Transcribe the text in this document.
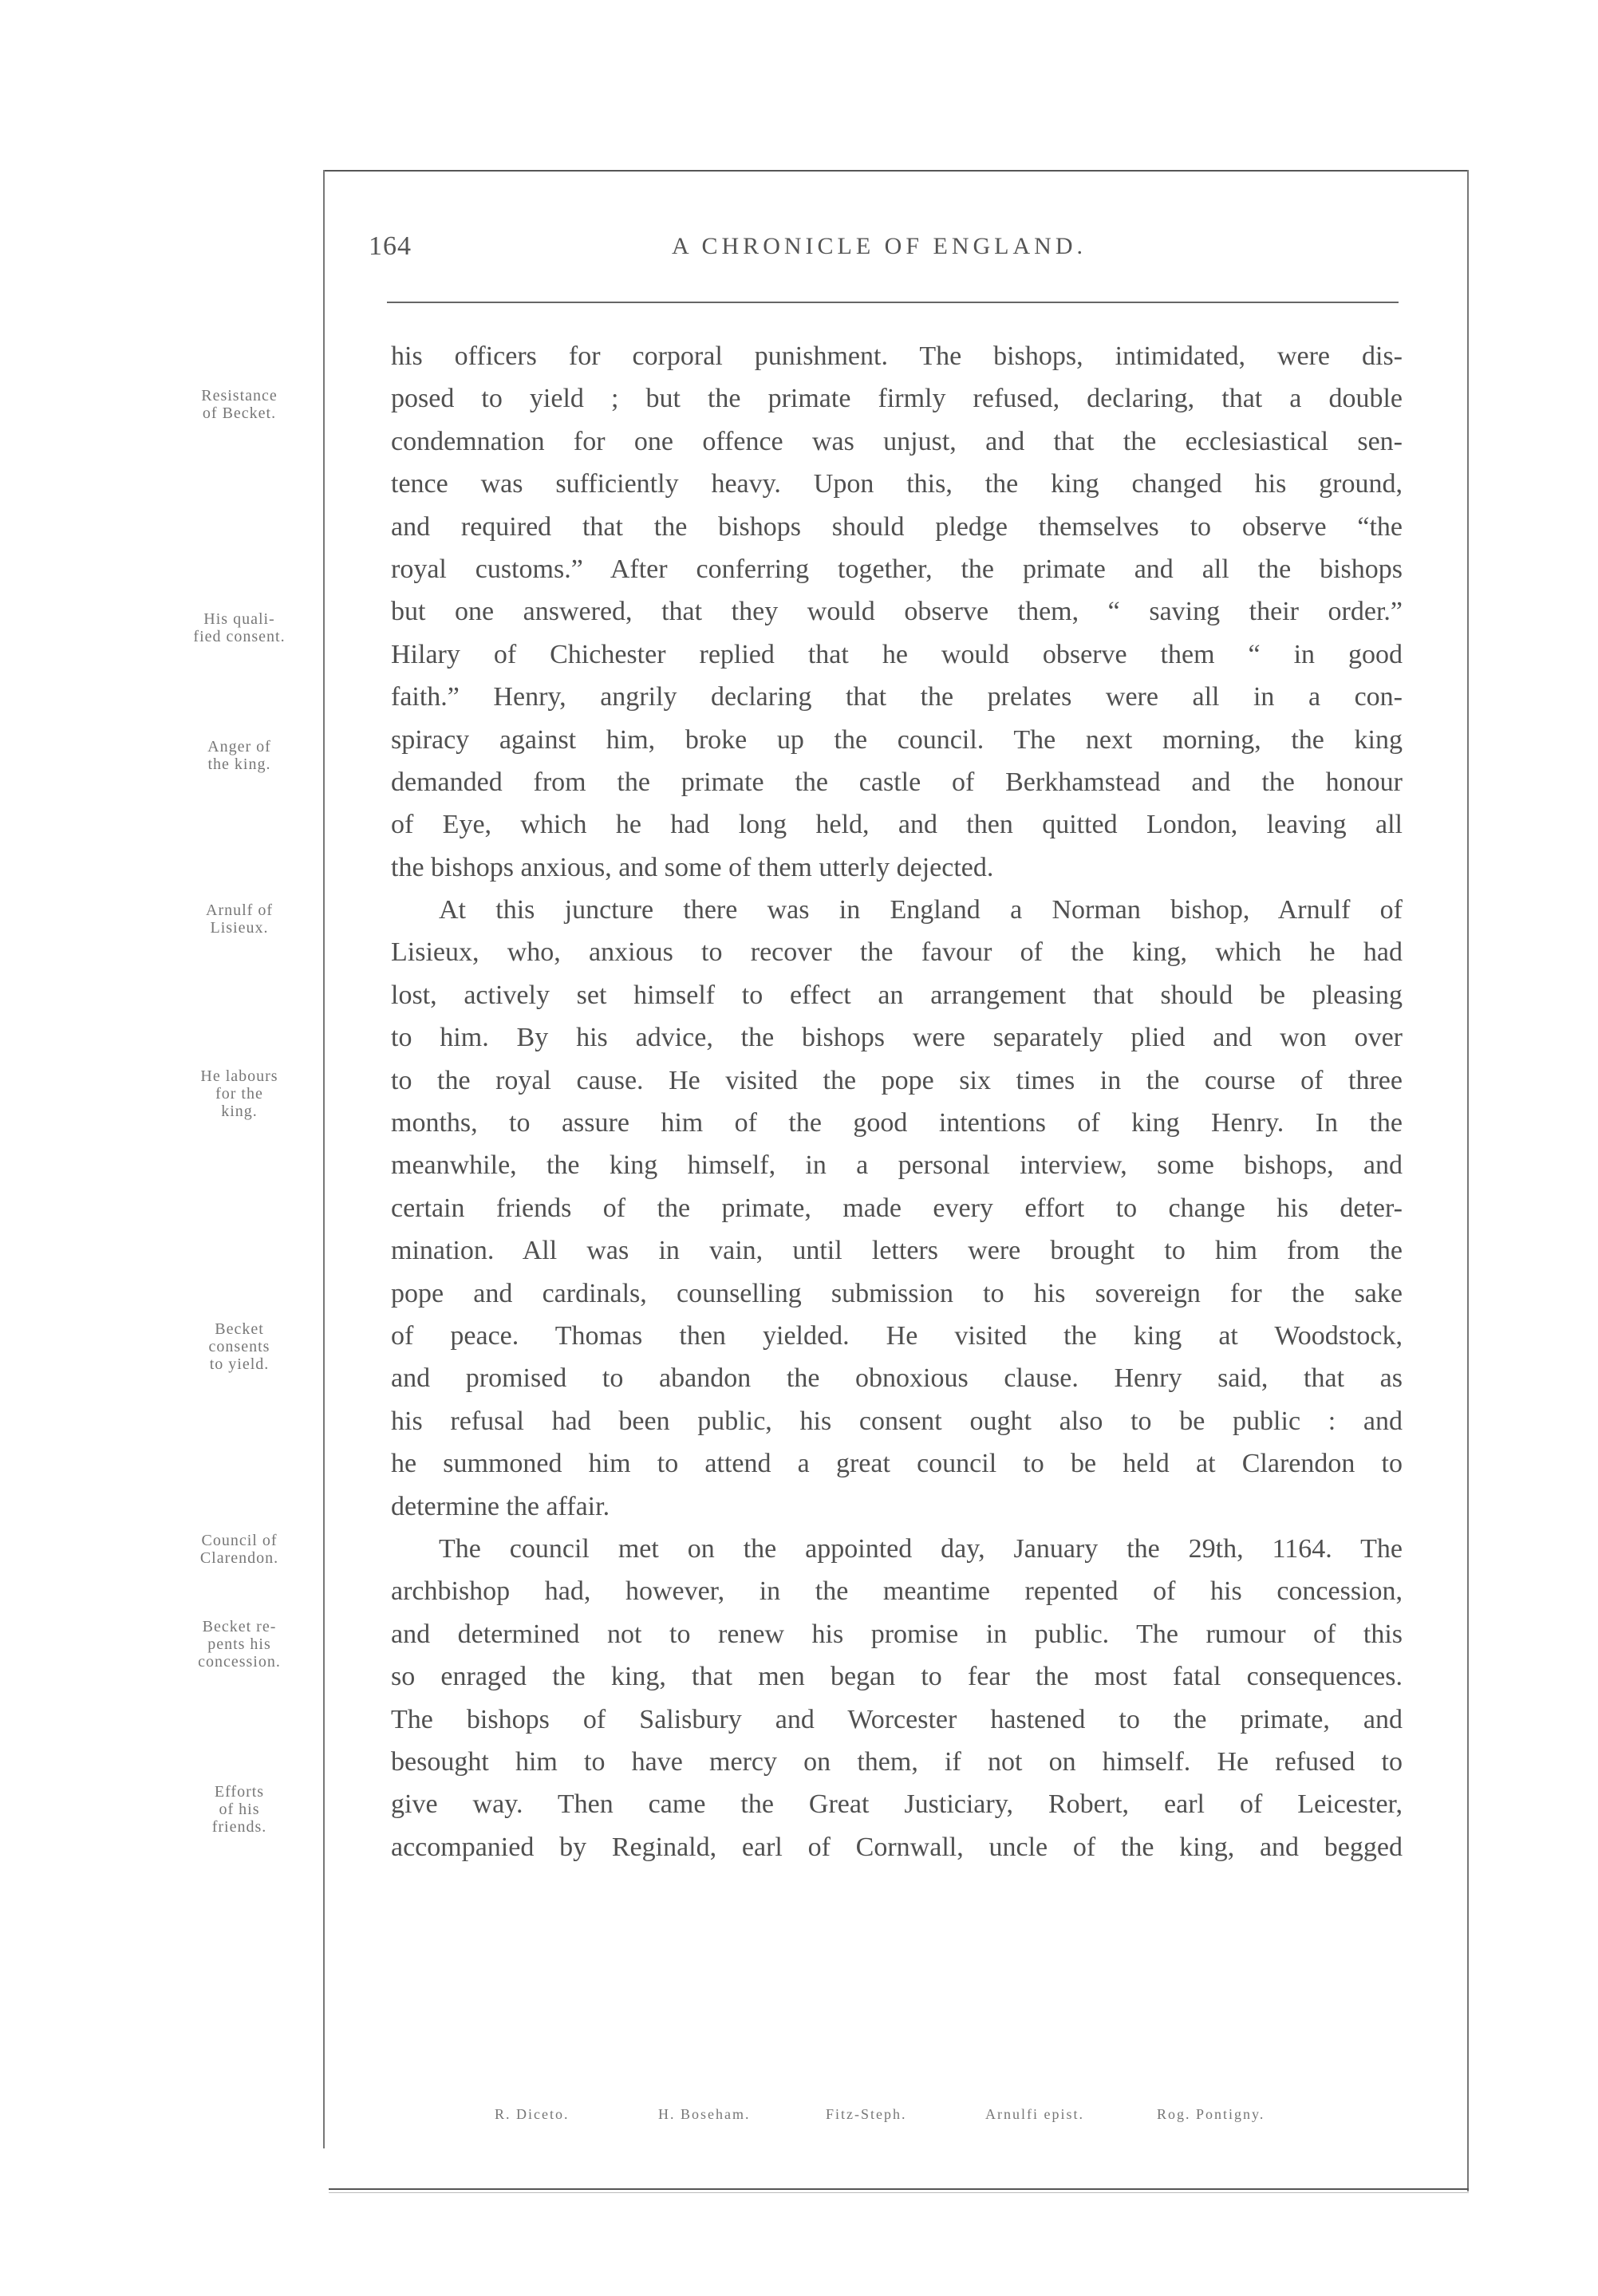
164	A CHRONICLE OF ENGLAND.
his officers for corporal punishment. The bishops, intimidated, were dis-
posed to yield ; but the primate firmly refused, declaring, that a double
condemnation for one offence was unjust, and that the ecclesiastical sen-
tence was sufficiently heavy. Upon this, the king changed his ground,
and required that the bishops should pledge themselves to observe “the
royal customs.” After conferring together, the primate and all the bishops
but one answered, that they would observe them, “ saving their order.”
Hilary of Chichester replied that he would observe them “ in good
faith.” Henry, angrily declaring that the prelates were all in a con-
spiracy against him, broke up the council. The next morning, the king
demanded from the primate the castle of Berkhamstead and the honour
of Eye, which he had long held, and then quitted London, leaving all
the bishops anxious, and some of them utterly dejected.
At this juncture there was in England a Norman bishop, Arnulf of
Lisieux, who, anxious to recover the favour of the king, which he had
lost, actively set himself to effect an arrangement that should be pleasing
to him. By his advice, the bishops were separately plied and won over
to the royal cause. He visited the pope six times in the course of three
months, to assure him of the good intentions of king Henry. In the
meanwhile, the king himself, in a personal interview, some bishops, and
certain friends of the primate, made every effort to change his deter-
mination. All was in vain, until letters were brought to him from the
pope and cardinals, counselling submission to his sovereign for the sake
of peace. Thomas then yielded. He visited the king at Woodstock,
and promised to abandon the obnoxious clause. Henry said, that as
his refusal had been public, his consent ought also to be public : and
he summoned him to attend a great council to be held at Clarendon to
determine the affair.
The council met on the appointed day, January the 29th, 1164. The
archbishop had, however, in the meantime repented of his concession,
and determined not to renew his promise in public. The rumour of this
so enraged the king, that men began to fear the most fatal consequences.
The bishops of Salisbury and Worcester hastened to the primate, and
besought him to have mercy on them, if not on himself. He refused to
give way. Then came the Great Justiciary, Robert, earl of Leicester,
accompanied by Reginald, earl of Cornwall, uncle of the king, and begged
Resistance
of Becket.
His quali-
fied consent.
Anger of
the king.
Arnulf of
Lisieux.
He labours
for the
king.
Becket
consents
to yield.
Council of
Clarendon.
Becket re-
pents his
concession.
Efforts
of his
friends.
R. Diceto.	H. Boseham.	Fitz-Steph.	Arnulfi epist.	Rog. Pontigny.
